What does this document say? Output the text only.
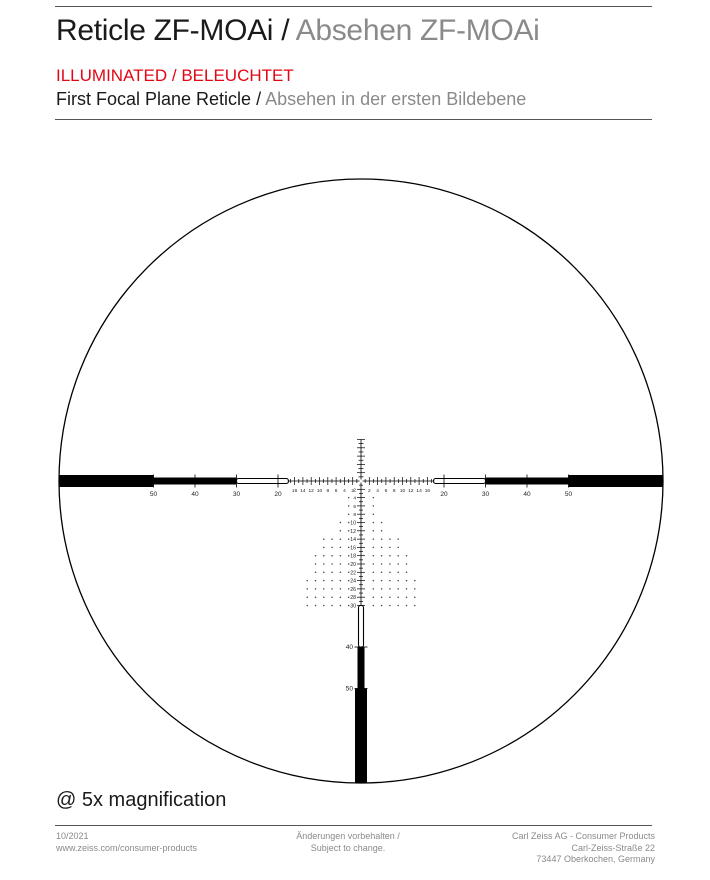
Reticle ZF-MOAi / Absehen ZF-MOAi
ILLUMINATED / BELEUCHTET
First Focal Plane Reticle / Absehen in der ersten Bildebene
50	40	30	20 16 14 12 10 8 6 4 2	2 4 6 8 10 12 14 16 20	30	40	50
2
4
6
8
10
12
14
16
18
20
22
24
26
28
30
40
50
@ 5x magnification
10/2021
www.zeiss.com/consumer-products
Änderungen vorbehalten /
Subject to change.
Carl Zeiss AG - Consumer Products
Carl-Zeiss-Straße 22
73447 Oberkochen, Germany
